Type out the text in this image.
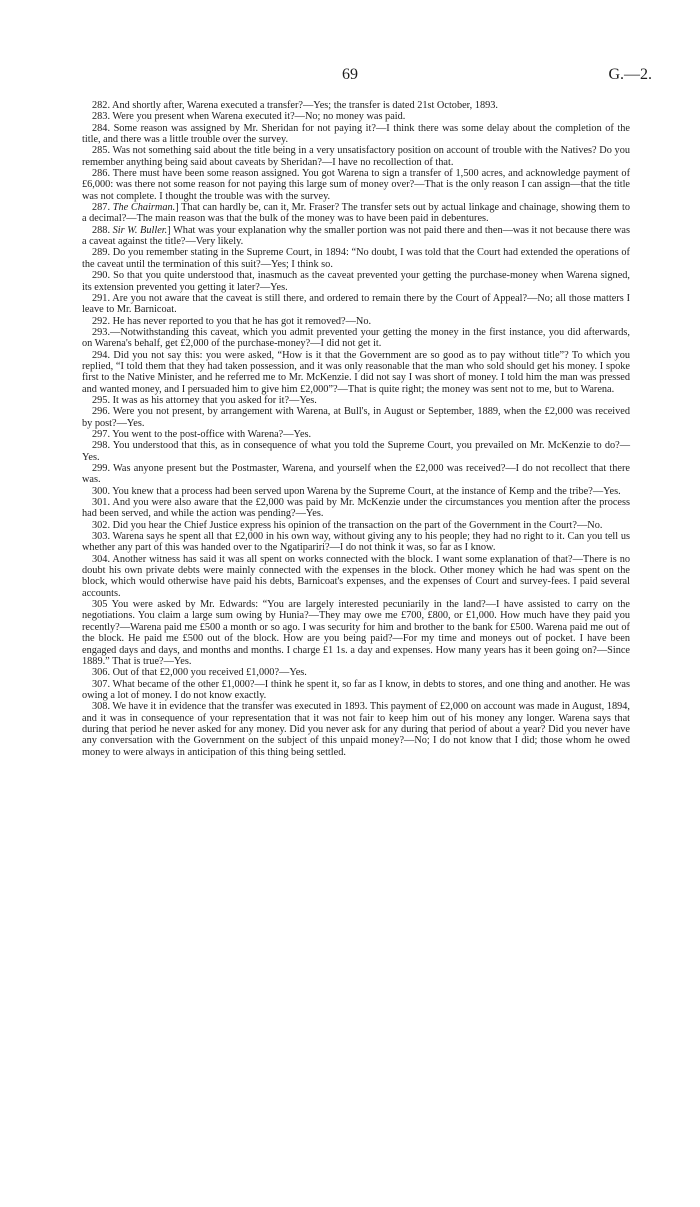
69	G.—2.

282. And shortly after, Warena executed a transfer?—Yes; the transfer is dated 21st October, 1893.

283. Were you present when Warena executed it?—No; no money was paid.

284. Some reason was assigned by Mr. Sheridan for not paying it?—I think there was some delay about the completion of the title, and there was a little trouble over the survey.

285. Was not something said about the title being in a very unsatisfactory position on account of trouble with the Natives? Do you remember anything being said about caveats by Sheridan?—I have no recollection of that.

286. There must have been some reason assigned. You got Warena to sign a transfer of 1,500 acres, and acknowledge payment of £6,000: was there not some reason for not paying this large sum of money over?—That is the only reason I can assign—that the title was not complete. I thought the trouble was with the survey.

287. The Chairman.] That can hardly be, can it, Mr. Fraser? The transfer sets out by actual linkage and chainage, showing them to a decimal?—The main reason was that the bulk of the money was to have been paid in debentures.

288. Sir W. Buller.] What was your explanation why the smaller portion was not paid there and then—was it not because there was a caveat against the title?—Very likely.

289. Do you remember stating in the Supreme Court, in 1894: “No doubt, I was told that the Court had extended the operations of the caveat until the termination of this suit?—Yes; I think so.

290. So that you quite understood that, inasmuch as the caveat prevented your getting the purchase-money when Warena signed, its extension prevented you getting it later?—Yes.

291. Are you not aware that the caveat is still there, and ordered to remain there by the Court of Appeal?—No; all those matters I leave to Mr. Barnicoat.

292. He has never reported to you that he has got it removed?—No.

293.—Notwithstanding this caveat, which you admit prevented your getting the money in the first instance, you did afterwards, on Warena's behalf, get £2,000 of the purchase-money?—I did not get it.

294. Did you not say this: you were asked, “How is it that the Government are so good as to pay without title”? To which you replied, “I told them that they had taken possession, and it was only reasonable that the man who sold should get his money. I spoke first to the Native Minister, and he referred me to Mr. McKenzie. I did not say I was short of money. I told him the man was pressed and wanted money, and I persuaded him to give him £2,000”?—That is quite right; the money was sent not to me, but to Warena.

295. It was as his attorney that you asked for it?—Yes.

296. Were you not present, by arrangement with Warena, at Bull's, in August or September, 1889, when the £2,000 was received by post?—Yes.

297. You went to the post-office with Warena?—Yes.

298. You understood that this, as in consequence of what you told the Supreme Court, you prevailed on Mr. McKenzie to do?—Yes.

299. Was anyone present but the Postmaster, Warena, and yourself when the £2,000 was received?—I do not recollect that there was.

300. You knew that a process had been served upon Warena by the Supreme Court, at the instance of Kemp and the tribe?—Yes.

301. And you were also aware that the £2,000 was paid by Mr. McKenzie under the circumstances you mention after the process had been served, and while the action was pending?—Yes.

302. Did you hear the Chief Justice express his opinion of the transaction on the part of the Government in the Court?—No.

303. Warena says he spent all that £2,000 in his own way, without giving any to his people; they had no right to it. Can you tell us whether any part of this was handed over to the Ngatipariri?—I do not think it was, so far as I know.

304. Another witness has said it was all spent on works connected with the block. I want some explanation of that?—There is no doubt his own private debts were mainly connected with the expenses in the block. Other money which he had was spent on the block, which would otherwise have paid his debts, Barnicoat's expenses, and the expenses of Court and survey-fees. I paid several accounts.

305 You were asked by Mr. Edwards: “You are largely interested pecuniarily in the land?—I have assisted to carry on the negotiations. You claim a large sum owing by Hunia?—They may owe me £700, £800, or £1,000. How much have they paid you recently?—Warena paid me £500 a month or so ago. I was security for him and brother to the bank for £500. Warena paid me out of the block. He paid me £500 out of the block. How are you being paid?—For my time and moneys out of pocket. I have been engaged days and days, and months and months. I charge £1 1s. a day and expenses. How many years has it been going on?—Since 1889.” That is true?—Yes.

306. Out of that £2,000 you received £1,000?—Yes.

307. What became of the other £1,000?—I think he spent it, so far as I know, in debts to stores, and one thing and another. He was owing a lot of money. I do not know exactly.

308. We have it in evidence that the transfer was executed in 1893. This payment of £2,000 on account was made in August, 1894, and it was in consequence of your representation that it was not fair to keep him out of his money any longer. Warena says that during that period he never asked for any money. Did you never ask for any during that period of about a year? Did you never have any conversation with the Government on the subject of this unpaid money?—No; I do not know that I did; those whom he owed money to were always in anticipation of this thing being settled.
